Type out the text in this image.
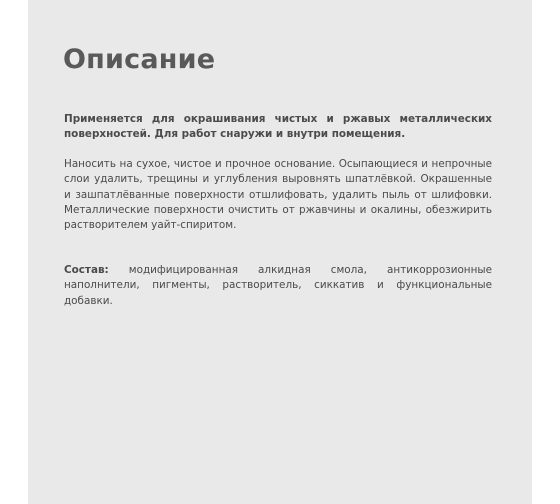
Описание

Применяется для окрашивания чистых и ржавых металлических поверхностей. Для работ снаружи и внутри помещения.

Наносить на сухое, чистое и прочное основание. Осыпающиеся и непрочные слои удалить, трещины и углубления выровнять шпатлёвкой. Окрашенные и зашпатлёванные поверхности отшлифовать, удалить пыль от шлифовки. Металлические поверхности очистить от ржавчины и окалины, обезжирить растворителем уайт-спиритом.

Состав: модифицированная алкидная смола, антикоррозионные наполнители, пигменты, растворитель, сиккатив и функциональные добавки.
